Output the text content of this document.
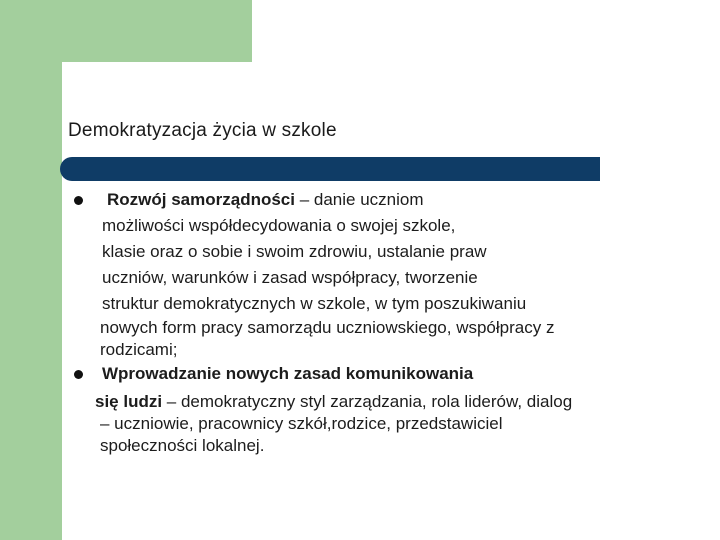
Demokratyzacja życia w szkole
Rozwój samorządności – danie uczniom
możliwości współdecydowania o swojej szkole,
klasie oraz o sobie i swoim zdrowiu, ustalanie praw
uczniów, warunków i zasad współpracy, tworzenie
struktur demokratycznych w szkole, w tym poszukiwaniu
nowych form pracy samorządu uczniowskiego, współpracy z
rodzicami;
Wprowadzanie nowych zasad komunikowania
się ludzi – demokratyczny styl zarządzania, rola liderów, dialog
– uczniowie, pracownicy szkół,rodzice, przedstawiciel
społeczności lokalnej.
